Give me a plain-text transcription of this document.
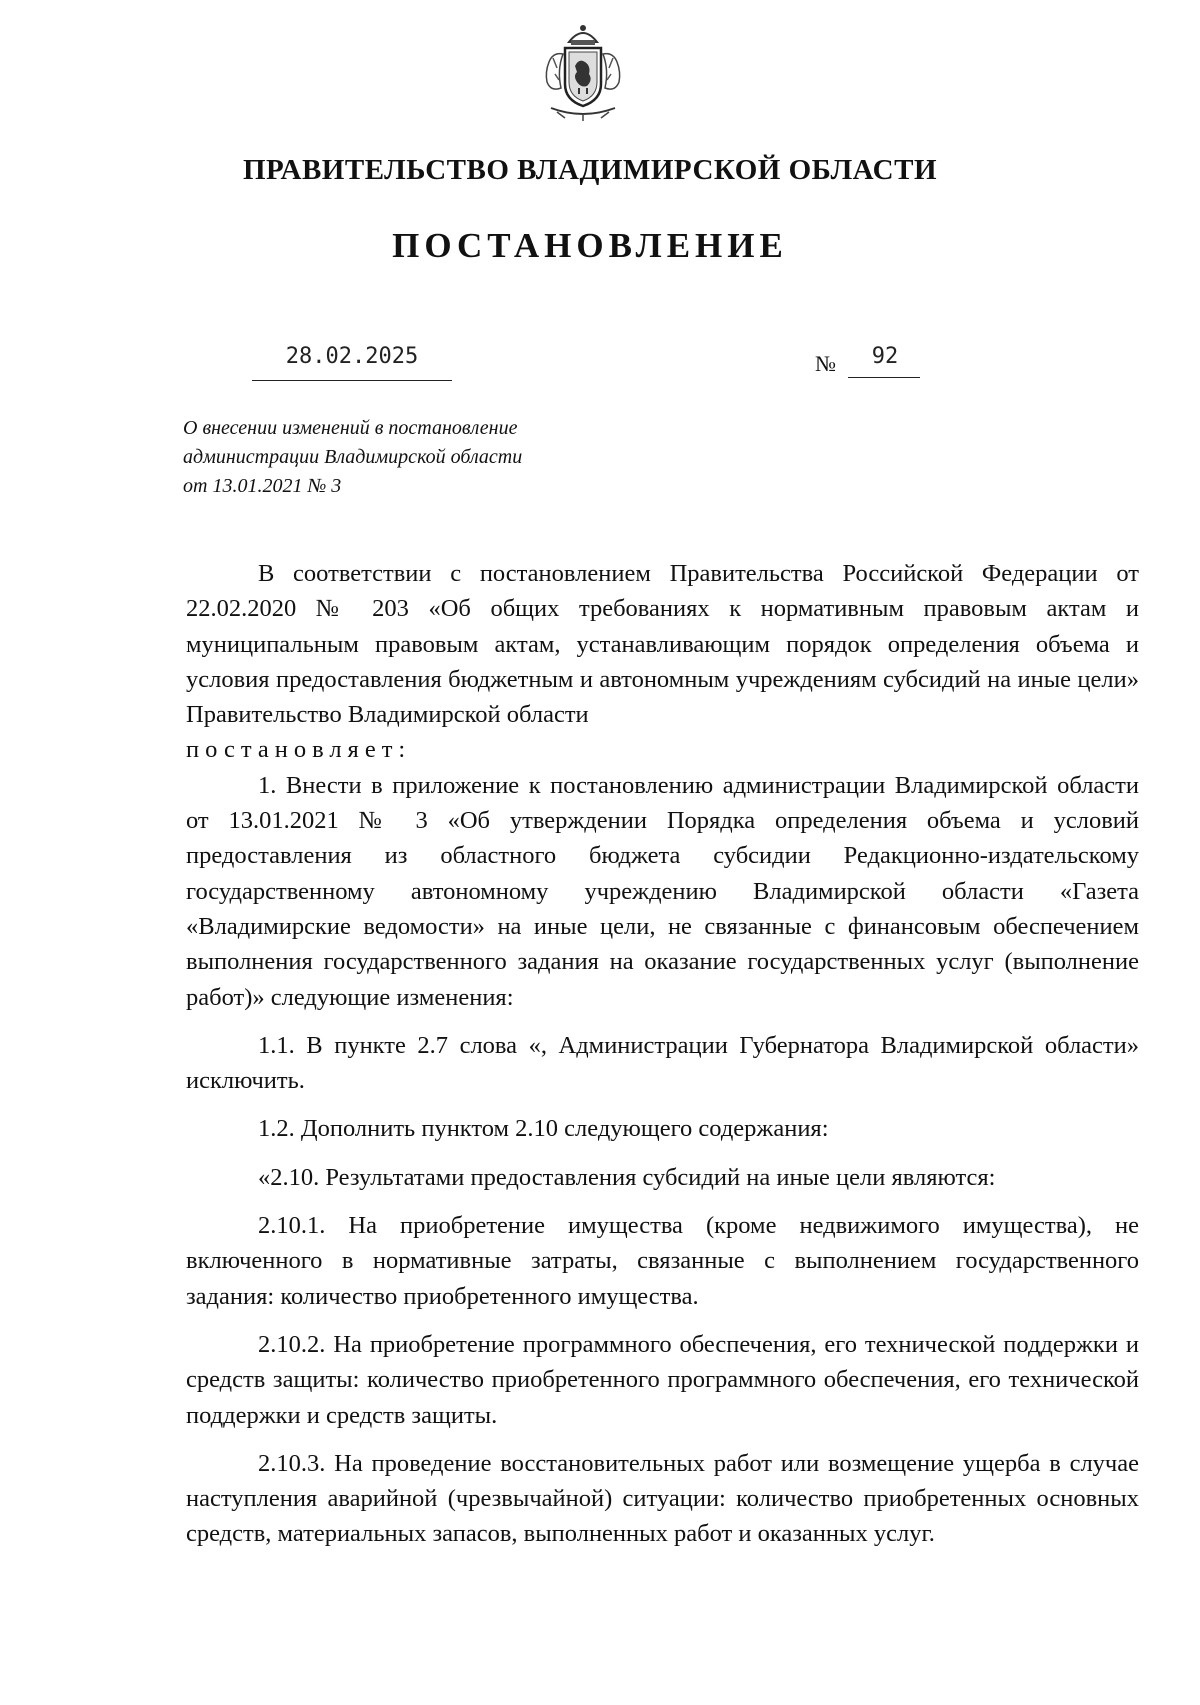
ПРАВИТЕЛЬСТВО ВЛАДИМИРСКОЙ ОБЛАСТИ
ПОСТАНОВЛЕНИЕ
28.02.2025	№	92
О внесении изменений в постановление
администрации Владимирской области
от 13.01.2021 № 3

В соответствии с постановлением Правительства Российской Федерации от 22.02.2020 № 203 «Об общих требованиях к нормативным правовым актам и муниципальным правовым актам, устанавливающим порядок определения объема и условия предоставления бюджетным и автономным учреждениям субсидий на иные цели» Правительство Владимирской области
постановляет:

1. Внести в приложение к постановлению администрации Владимирской области от 13.01.2021 № 3 «Об утверждении Порядка определения объема и условий предоставления из областного бюджета субсидии Редакционно-издательскому государственному автономному учреждению Владимирской области «Газета «Владимирские ведомости» на иные цели, не связанные с финансовым обеспечением выполнения государственного задания на оказание государственных услуг (выполнение работ)» следующие изменения:

1.1. В пункте 2.7 слова «, Администрации Губернатора Владимирской области» исключить.

1.2. Дополнить пунктом 2.10 следующего содержания:

«2.10. Результатами предоставления субсидий на иные цели являются:

2.10.1. На приобретение имущества (кроме недвижимого имущества), не включенного в нормативные затраты, связанные с выполнением государственного задания: количество приобретенного имущества.

2.10.2. На приобретение программного обеспечения, его технической поддержки и средств защиты: количество приобретенного программного обеспечения, его технической поддержки и средств защиты.

2.10.3. На проведение восстановительных работ или возмещение ущерба в случае наступления аварийной (чрезвычайной) ситуации: количество приобретенных основных средств, материальных запасов, выполненных работ и оказанных услуг.
